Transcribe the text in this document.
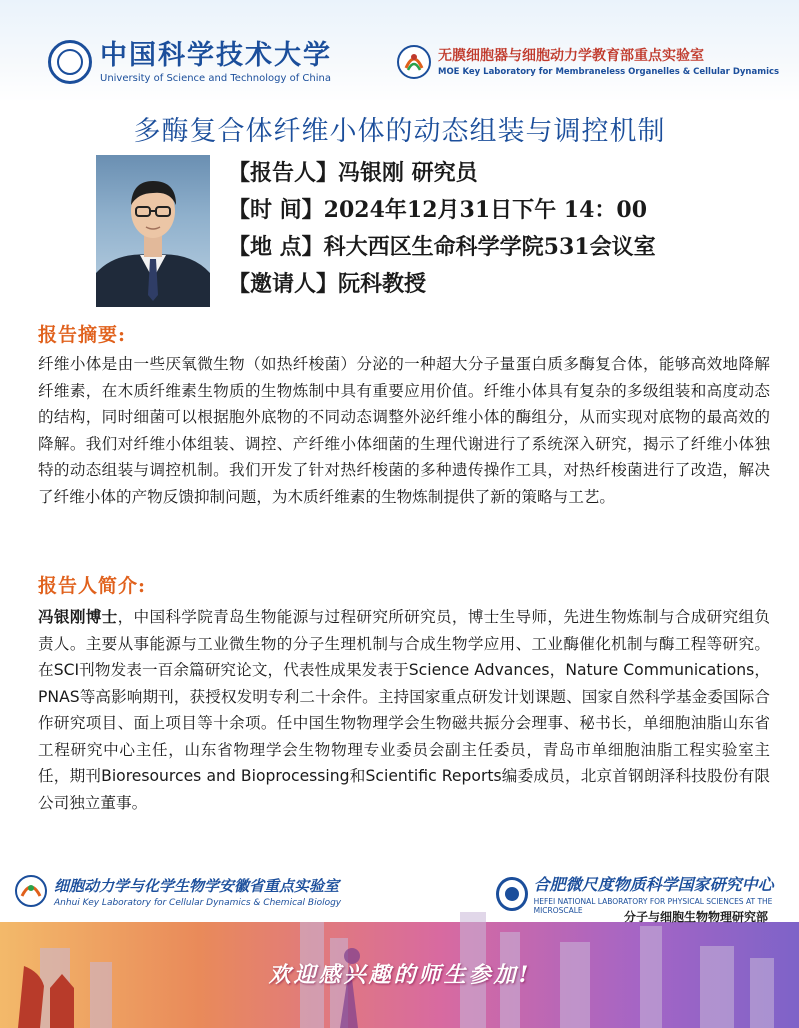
中国科学技术大学
University of Science and Technology of China
无膜细胞器与细胞动力学教育部重点实验室
MOE Key Laboratory for Membraneless Organelles & Cellular Dynamics
多酶复合体纤维小体的动态组装与调控机制
【报告人】冯银刚 研究员
【时 间】2024年12月31日下午 14：00
【地 点】科大西区生命科学学院531会议室
【邀请人】阮科教授
报告摘要:
纤维小体是由一些厌氧微生物（如热纤梭菌）分泌的一种超大分子量蛋白质多酶复合体，能够高效地降解纤维素，在木质纤维素生物质的生物炼制中具有重要应用价值。纤维小体具有复杂的多级组装和高度动态的结构，同时细菌可以根据胞外底物的不同动态调整外泌纤维小体的酶组分，从而实现对底物的最高效的降解。我们对纤维小体组装、调控、产纤维小体细菌的生理代谢进行了系统深入研究，揭示了纤维小体独特的动态组装与调控机制。我们开发了针对热纤梭菌的多种遗传操作工具，对热纤梭菌进行了改造，解决了纤维小体的产物反馈抑制问题，为木质纤维素的生物炼制提供了新的策略与工艺。
报告人简介:
冯银刚博士，中国科学院青岛生物能源与过程研究所研究员，博士生导师，先进生物炼制与合成研究组负责人。主要从事能源与工业微生物的分子生理机制与合成生物学应用、工业酶催化机制与酶工程等研究。在SCI刊物发表一百余篇研究论文，代表性成果发表于Science Advances，Nature Communications，PNAS等高影响期刊，获授权发明专利二十余件。主持国家重点研发计划课题、国家自然科学基金委国际合作研究项目、面上项目等十余项。任中国生物物理学会生物磁共振分会理事、秘书长，单细胞油脂山东省工程研究中心主任，山东省物理学会生物物理专业委员会副主任委员，青岛市单细胞油脂工程实验室主任，期刊Bioresources and Bioprocessing和Scientific Reports编委成员，北京首钢朗泽科技股份有限公司独立董事。
细胞动力学与化学生物学安徽省重点实验室
Anhui Key Laboratory for Cellular Dynamics & Chemical Biology
合肥微尺度物质科学国家研究中心
HEFEI NATIONAL LABORATORY FOR PHYSICAL SCIENCES AT THE MICROSCALE	分子与细胞生物物理研究部
欢迎感兴趣的师生参加!
